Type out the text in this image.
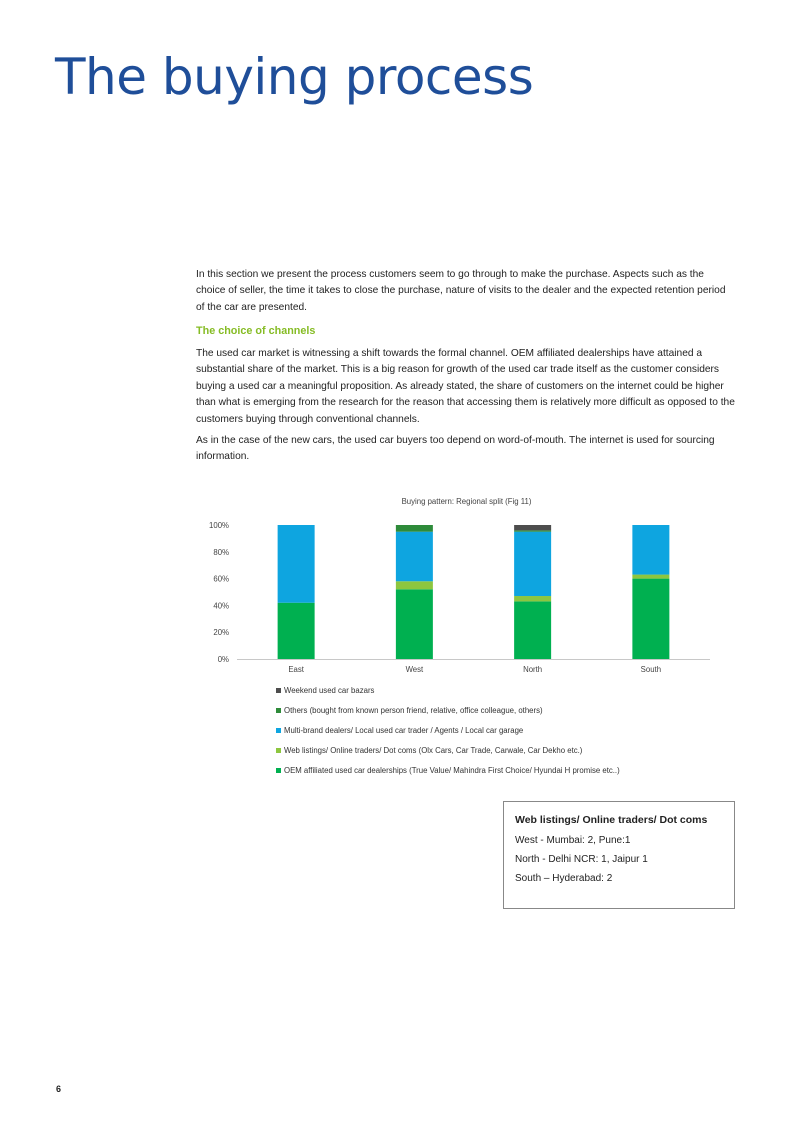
The buying process

In this section we present the process customers seem to go through to make the purchase. Aspects such as the choice of seller, the time it takes to close the purchase, nature of visits to the dealer and the expected retention period of the car are presented.

The choice of channels

The used car market is witnessing a shift towards the formal channel. OEM affiliated dealerships have attained a substantial share of the market. This is a big reason for growth of the used car trade itself as the customer considers buying a used car a meaningful proposition. As already stated, the share of customers on the internet could be higher than what is emerging from the research for the reason that accessing them is relatively more difficult as opposed to the customers buying through conventional channels.

As in the case of the new cars, the used car buyers too depend on word-of-mouth. The internet is used for sourcing information.

Buying pattern: Regional split (Fig 11)
0%
20%
40%
60%
80%
100%
East	West	North	South
Weekend used car bazars
Others (bought from known person friend, relative, office colleague, others)
Multi-brand dealers/ Local used car trader / Agents / Local car garage
Web listings/ Online traders/ Dot coms (Olx Cars, Car Trade, Carwale, Car Dekho etc.)
OEM affiliated used car dealerships (True Value/ Mahindra First Choice/ Hyundai H promise etc..)
Web listings/ Online traders/ Dot coms
West - Mumbai: 2, Pune:1
North - Delhi NCR: 1, Jaipur 1
South – Hyderabad: 2
6
